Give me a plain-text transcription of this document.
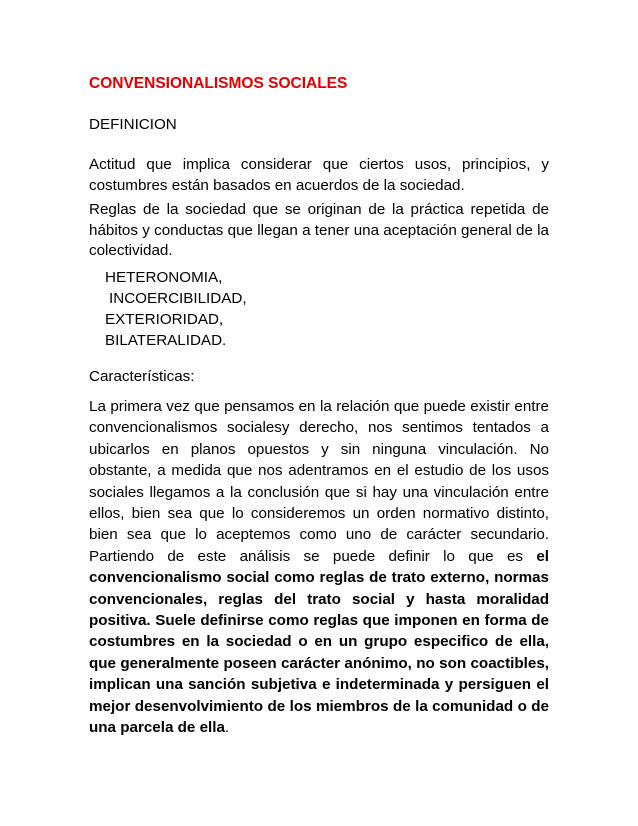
CONVENSIONALISMOS SOCIALES
DEFINICION
Actitud que implica considerar que ciertos usos, principios, y costumbres están basados en acuerdos de la sociedad.
Reglas de la sociedad que se originan de la práctica repetida de hábitos y conductas que llegan a tener una aceptación general de la colectividad.
HETERONOMIA,
INCOERCIBILIDAD,
EXTERIORIDAD,
BILATERALIDAD.
Características:
La primera vez que pensamos en la relación que puede existir entre convencionalismos socialesy derecho, nos sentimos tentados a ubicarlos en planos opuestos y sin ninguna vinculación. No obstante, a medida que nos adentramos en el estudio de los usos sociales llegamos a la conclusión que si hay una vinculación entre ellos, bien sea que lo consideremos un orden normativo distinto, bien sea que lo aceptemos como uno de carácter secundario. Partiendo de este análisis se puede definir lo que es el convencionalismo social como reglas de trato externo, normas convencionales, reglas del trato social y hasta moralidad positiva. Suele definirse como reglas que imponen en forma de costumbres en la sociedad o en un grupo especifico de ella, que generalmente poseen carácter anónimo, no son coactibles, implican una sanción subjetiva e indeterminada y persiguen el mejor desenvolvimiento de los miembros de la comunidad o de una parcela de ella.
